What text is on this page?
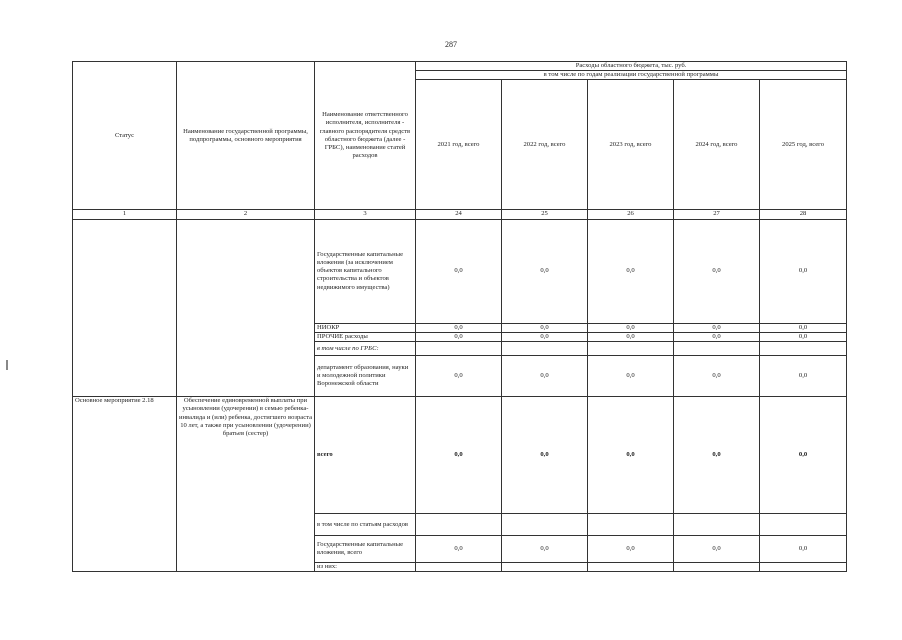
287
Статус	Наименование государственной программы, подпрограммы, основного мероприятия	Наименование ответственного исполнителя, исполнителя - главного распорядителя средств областного бюджета (далее - ГРБС), наименование статей расходов	Расходы областного бюджета, тыс. руб.				
			в том числе по годам реализации государственной программы				
			2021 год, всего	2022 год, всего	2023 год, всего	2024 год, всего	2025 год, всего
1	2	3	24	25	26	27	28
		Государственные капитальные вложения (за исключением объектов капитального строительства и объектов недвижимого имущества)	0,0	0,0	0,0	0,0	0,0
		НИОКР	0,0	0,0	0,0	0,0	0,0
		ПРОЧИЕ расходы	0,0	0,0	0,0	0,0	0,0
		в том числе по ГРБС:					
		департамент образования, науки и молодежной политики Воронежской области	0,0	0,0	0,0	0,0	0,0
Основное мероприятие 2.18	Обеспечение единовременной выплаты при усыновлении (удочерении) в семью ребенка-инвалида и (или) ребенка, достигшего возраста 10 лет, а также при усыновлении (удочерении) братьев (сестер)	всего	0,0	0,0	0,0	0,0	0,0
		в том числе по статьям расходов					
		Государственные капитальные вложения, всего	0,0	0,0	0,0	0,0	0,0
		из них:					
